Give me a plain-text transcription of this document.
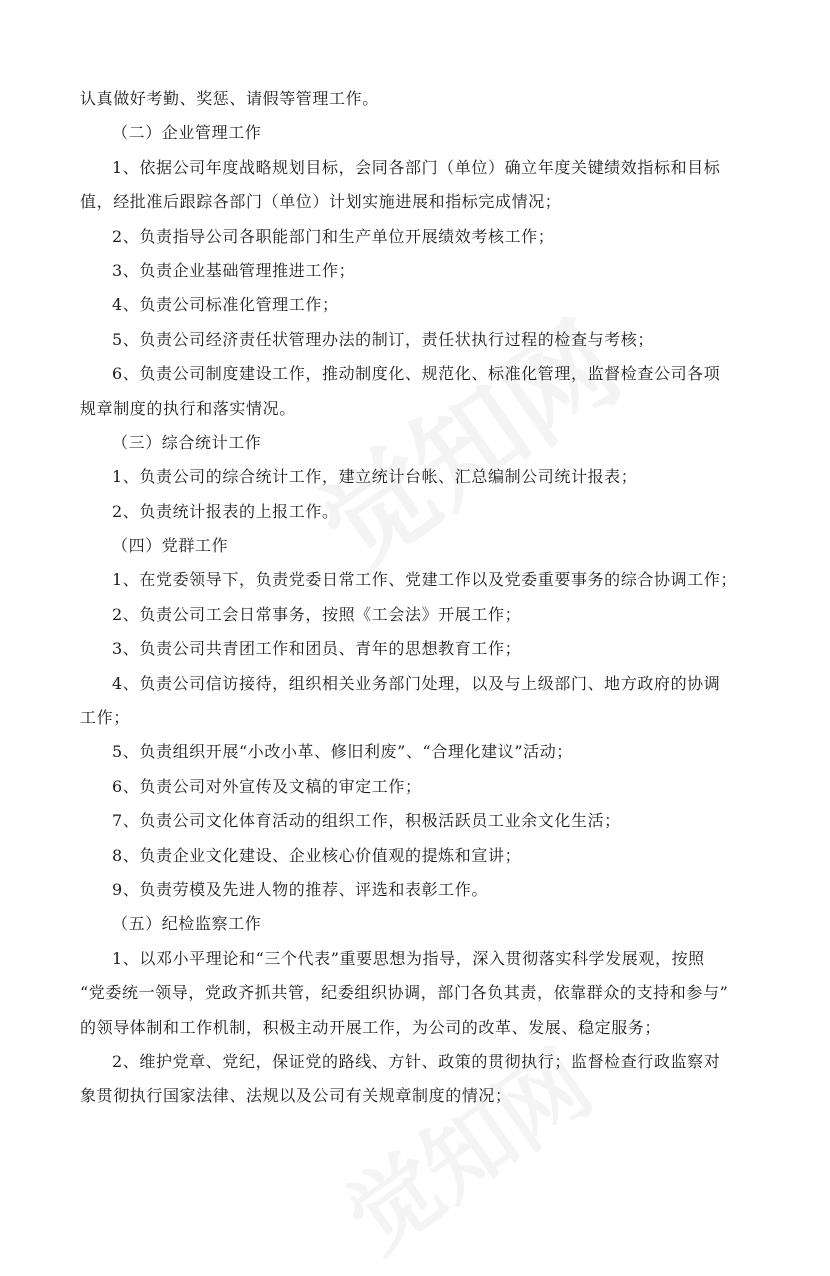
认真做好考勤、奖惩、请假等管理工作。
（二）企业管理工作
1、依据公司年度战略规划目标，会同各部门（单位）确立年度关键绩效指标和目标
值，经批准后跟踪各部门（单位）计划实施进展和指标完成情况；
2、负责指导公司各职能部门和生产单位开展绩效考核工作；
3、负责企业基础管理推进工作；
4、负责公司标准化管理工作；
5、负责公司经济责任状管理办法的制订，责任状执行过程的检查与考核；
6、负责公司制度建设工作，推动制度化、规范化、标准化管理，监督检查公司各项
规章制度的执行和落实情况。
（三）综合统计工作
1、负责公司的综合统计工作，建立统计台帐、汇总编制公司统计报表；
2、负责统计报表的上报工作。
（四）党群工作
1、在党委领导下，负责党委日常工作、党建工作以及党委重要事务的综合协调工作；
2、负责公司工会日常事务，按照《工会法》开展工作；
3、负责公司共青团工作和团员、青年的思想教育工作；
4、负责公司信访接待，组织相关业务部门处理，以及与上级部门、地方政府的协调
工作；
5、负责组织开展“小改小革、修旧利废”、“合理化建议”活动；
6、负责公司对外宣传及文稿的审定工作；
7、负责公司文化体育活动的组织工作，积极活跃员工业余文化生活；
8、负责企业文化建设、企业核心价值观的提炼和宣讲；
9、负责劳模及先进人物的推荐、评选和表彰工作。
（五）纪检监察工作
1、以邓小平理论和“三个代表”重要思想为指导，深入贯彻落实科学发展观，按照
“党委统一领导，党政齐抓共管，纪委组织协调，部门各负其责，依靠群众的支持和参与”
的领导体制和工作机制，积极主动开展工作，为公司的改革、发展、稳定服务；
2、维护党章、党纪，保证党的路线、方针、政策的贯彻执行；监督检查行政监察对
象贯彻执行国家法律、法规以及公司有关规章制度的情况；
